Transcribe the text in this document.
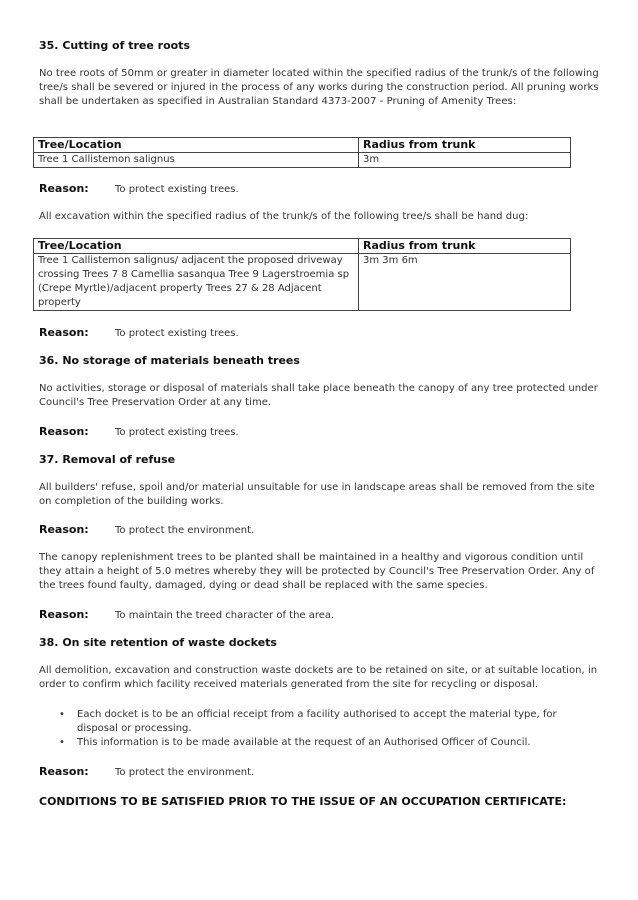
35. Cutting of tree roots
No tree roots of 50mm or greater in diameter located within the specified radius of the trunk/s of the following tree/s shall be severed or injured in the process of any works during the construction period. All pruning works shall be undertaken as specified in Australian Standard 4373-2007 - Pruning of Amenity Trees:
Tree/Location	Radius from trunk
Tree 1 Callistemon salignus	3m
Reason:	To protect existing trees.
All excavation within the specified radius of the trunk/s of the following tree/s shall be hand dug:
Tree/Location	Radius from trunk
Tree 1 Callistemon salignus/ adjacent the proposed driveway crossing Trees 7 8 Camellia sasanqua Tree 9 Lagerstroemia sp (Crepe Myrtle)/adjacent property Trees 27 & 28 Adjacent property	3m 3m 6m
Reason:	To protect existing trees.
36. No storage of materials beneath trees
No activities, storage or disposal of materials shall take place beneath the canopy of any tree protected under Council's Tree Preservation Order at any time.
Reason:	To protect existing trees.
37. Removal of refuse
All builders' refuse, spoil and/or material unsuitable for use in landscape areas shall be removed from the site on completion of the building works.
Reason:	To protect the environment.
The canopy replenishment trees to be planted shall be maintained in a healthy and vigorous condition until they attain a height of 5.0 metres whereby they will be protected by Council's Tree Preservation Order. Any of the trees found faulty, damaged, dying or dead shall be replaced with the same species.
Reason:	To maintain the treed character of the area.
38. On site retention of waste dockets
All demolition, excavation and construction waste dockets are to be retained on site, or at suitable location, in order to confirm which facility received materials generated from the site for recycling or disposal.
• Each docket is to be an official receipt from a facility authorised to accept the material type, for disposal or processing.
• This information is to be made available at the request of an Authorised Officer of Council.
Reason:	To protect the environment.
CONDITIONS TO BE SATISFIED PRIOR TO THE ISSUE OF AN OCCUPATION CERTIFICATE:
